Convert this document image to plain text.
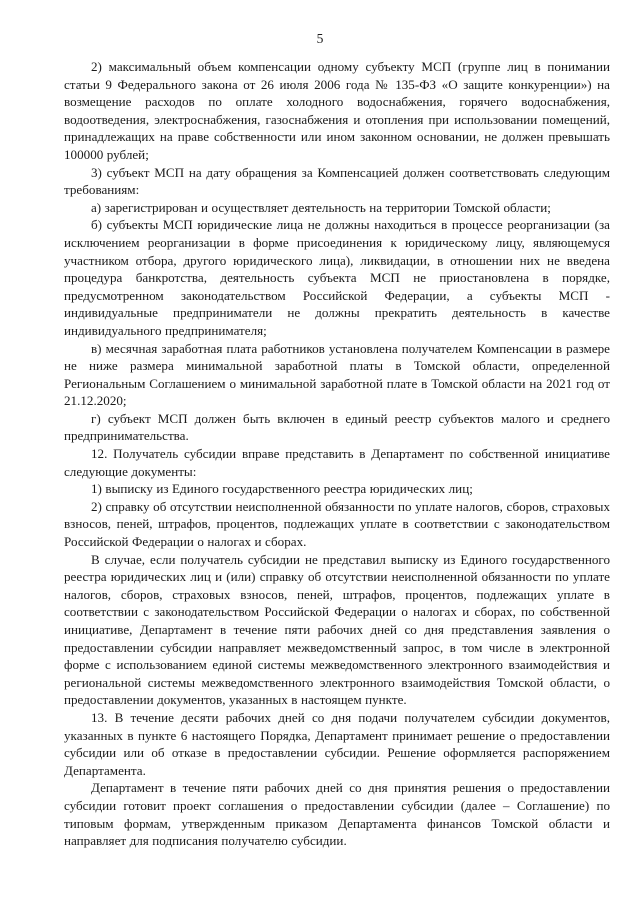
5

2) максимальный объем компенсации одному субъекту МСП (группе лиц в понимании статьи 9 Федерального закона от 26 июля 2006 года № 135-ФЗ «О защите конкуренции») на возмещение расходов по оплате холодного водоснабжения, горячего водоснабжения, водоотведения, электроснабжения, газоснабжения и отопления при использовании помещений, принадлежащих на праве собственности или ином законном основании, не должен превышать 100000 рублей;

3) субъект МСП на дату обращения за Компенсацией должен соответствовать следующим требованиям:

а) зарегистрирован и осуществляет деятельность на территории Томской области;

б) субъекты МСП юридические лица не должны находиться в процессе реорганизации (за исключением реорганизации в форме присоединения к юридическому лицу, являющемуся участником отбора, другого юридического лица), ликвидации, в отношении них не введена процедура банкротства, деятельность субъекта МСП не приостановлена в порядке, предусмотренном законодательством Российской Федерации, а субъекты МСП - индивидуальные предприниматели не должны прекратить деятельность в качестве индивидуального предпринимателя;

в) месячная заработная плата работников установлена получателем Компенсации в размере не ниже размера минимальной заработной платы в Томской области, определенной Региональным Соглашением о минимальной заработной плате в Томской области на 2021 год от 21.12.2020;

г) субъект МСП должен быть включен в единый реестр субъектов малого и среднего предпринимательства.

12. Получатель субсидии вправе представить в Департамент по собственной инициативе следующие документы:

1) выписку из Единого государственного реестра юридических лиц;

2) справку об отсутствии неисполненной обязанности по уплате налогов, сборов, страховых взносов, пеней, штрафов, процентов, подлежащих уплате в соответствии с законодательством Российской Федерации о налогах и сборах.

В случае, если получатель субсидии не представил выписку из Единого государственного реестра юридических лиц и (или) справку об отсутствии неисполненной обязанности по уплате налогов, сборов, страховых взносов, пеней, штрафов, процентов, подлежащих уплате в соответствии с законодательством Российской Федерации о налогах и сборах, по собственной инициативе, Департамент в течение пяти рабочих дней со дня представления заявления о предоставлении субсидии направляет межведомственный запрос, в том числе в электронной форме с использованием единой системы межведомственного электронного взаимодействия и региональной системы межведомственного электронного взаимодействия Томской области, о предоставлении документов, указанных в настоящем пункте.

13. В течение десяти рабочих дней со дня подачи получателем субсидии документов, указанных в пункте 6 настоящего Порядка, Департамент принимает решение о предоставлении субсидии или об отказе в предоставлении субсидии. Решение оформляется распоряжением Департамента.

Департамент в течение пяти рабочих дней со дня принятия решения о предоставлении субсидии готовит проект соглашения о предоставлении субсидии (далее – Соглашение) по типовым формам, утвержденным приказом Департамента финансов Томской области и направляет для подписания получателю субсидии.
